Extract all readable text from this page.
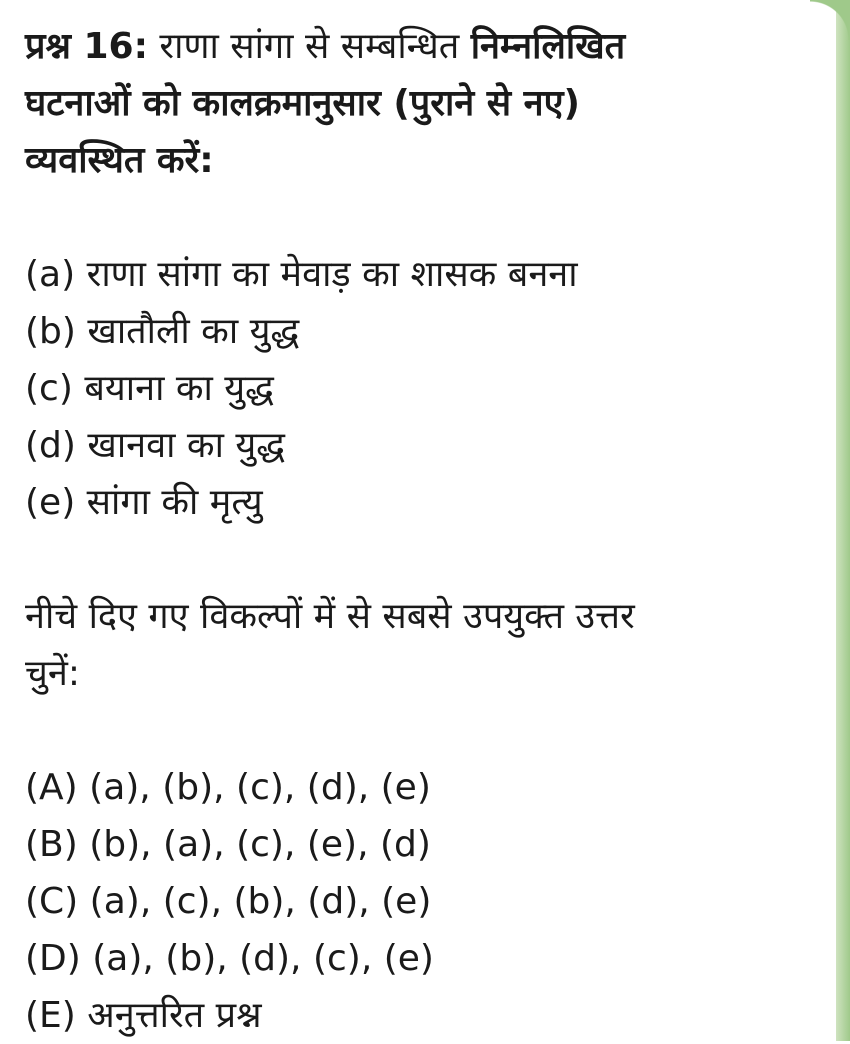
प्रश्न 16: राणा सांगा से सम्बन्धित निम्नलिखित
घटनाओं को कालक्रमानुसार (पुराने से नए)
व्यवस्थित करें:
(a) राणा सांगा का मेवाड़ का शासक बनना
(b) खातौली का युद्ध
(c) बयाना का युद्ध
(d) खानवा का युद्ध
(e) सांगा की मृत्यु
नीचे दिए गए विकल्पों में से सबसे उपयुक्त उत्तर
चुनें:
(A) (a), (b), (c), (d), (e)
(B) (b), (a), (c), (e), (d)
(C) (a), (c), (b), (d), (e)
(D) (a), (b), (d), (c), (e)
(E) अनुत्तरित प्रश्न
